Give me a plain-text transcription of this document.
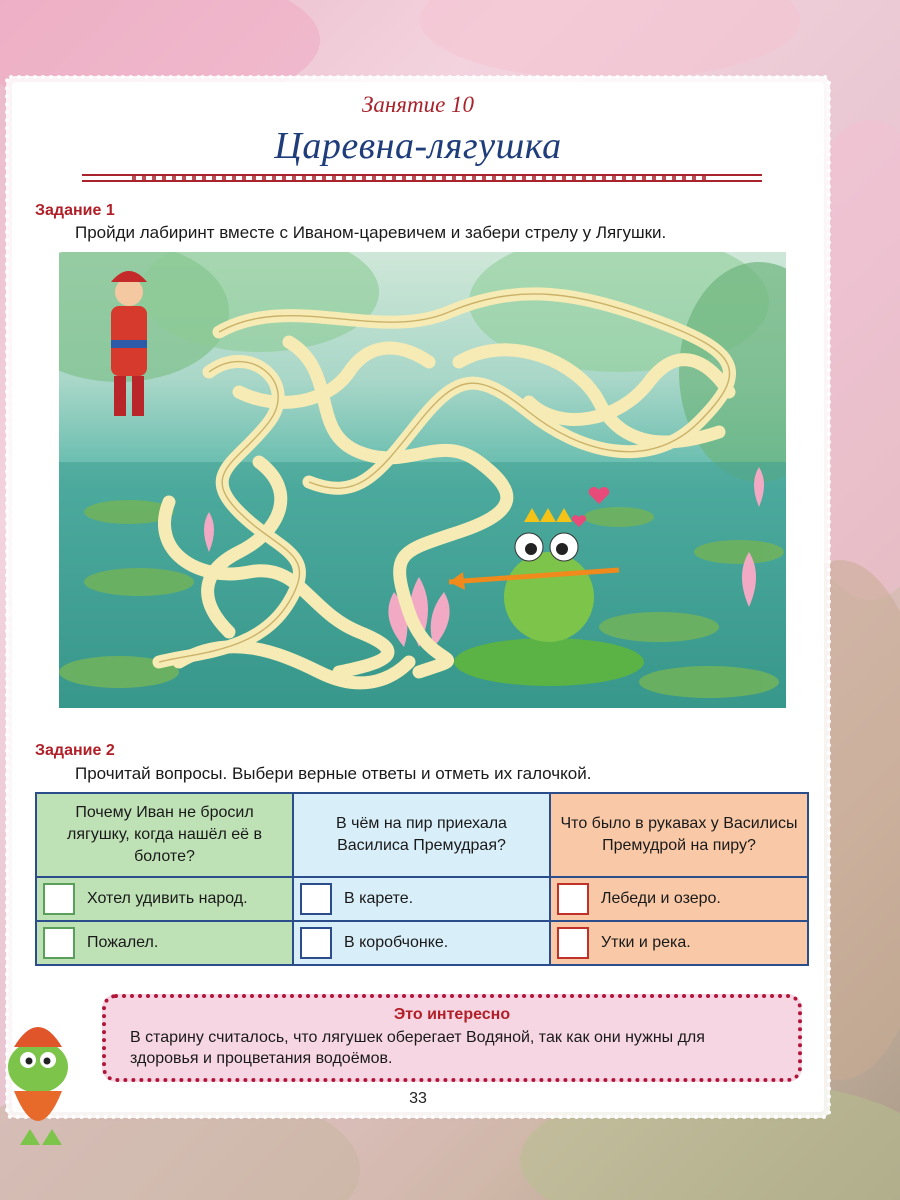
Занятие 10
Царевна-лягушка
Задание 1
Пройди лабиринт вместе с Иваном-царевичем и забери стрелу у Лягушки.
Задание 2
Прочитай вопросы. Выбери верные ответы и отметь их галочкой.
Почему Иван не бросил лягушку, когда нашёл её в болоте?	В чём на пир приехала Василиса Премудрая?	Что было в рукавах у Василисы Премудрой на пиру?

Хотел удивить народ.	В карете.	Лебеди и озеро.

Пожалел.	В коробчонке.	Утки и река.
Это интересно
В старину считалось, что лягушек оберегает Водяной, так как они нужны для здоровья и процветания водоёмов.
33
